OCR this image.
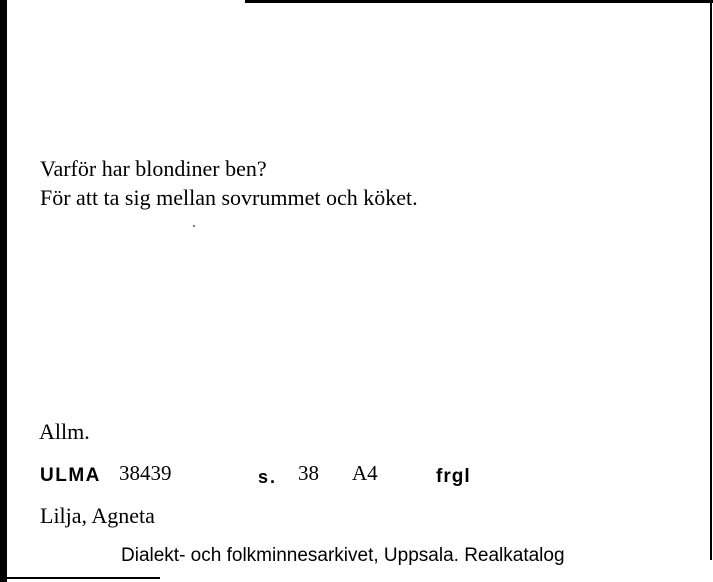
Varför har blondiner ben?
För att ta sig mellan sovrummet och köket.
Allm.
ULMA 38439	s. 38 A4	frgl
Lilja, Agneta
Dialekt- och folkminnesarkivet, Uppsala. Realkatalog
